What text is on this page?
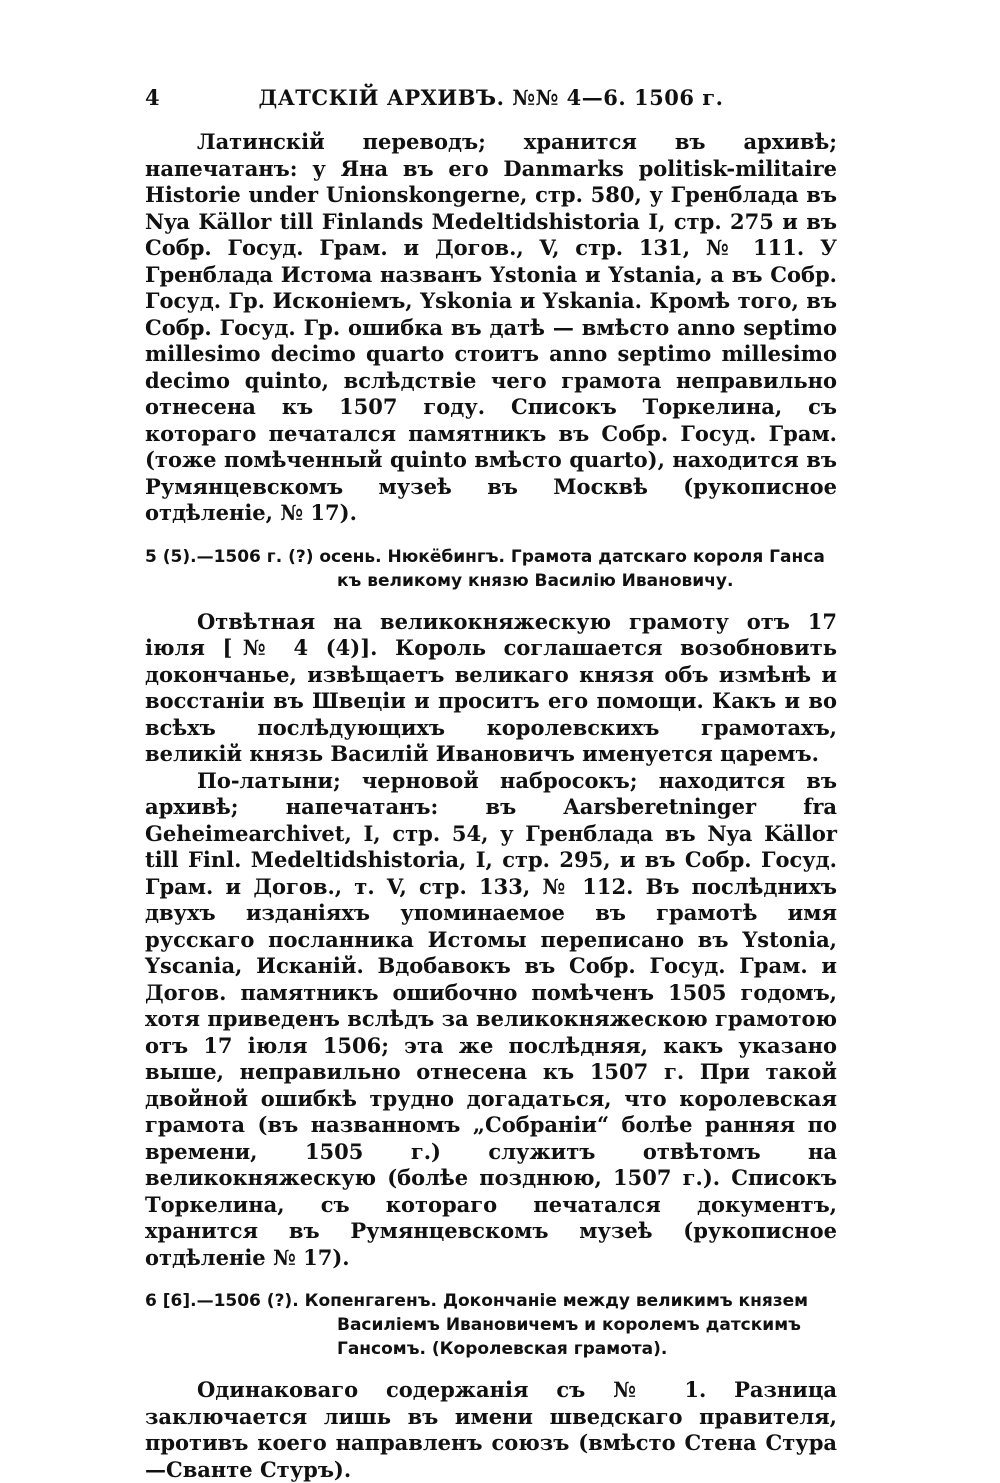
4	ДАТСКІЙ АРХИВЪ. №№ 4—6. 1506 г.

Латинскій переводъ; хранится въ архивѣ; напечатанъ: у Яна въ его Danmarks politisk-militaire Historie under Unionskongerne, стр. 580, у Гренблада въ Nya Källor till Finlands Medeltidshistoria I, стр. 275 и въ Собр. Госуд. Грам. и Догов., V, стр. 131, № 111. У Гренблада Истома названъ Ystonia и Ystania, а въ Собр. Госуд. Гр. Исконіемъ, Yskonia и Yskania. Кромѣ того, въ Собр. Госуд. Гр. ошибка въ датѣ — вмѣсто anno septimo millesimo decimo quarto стоитъ anno septimo millesimo decimo quinto, вслѣдствіе чего грамота неправильно отнесена къ 1507 году. Списокъ Торкелина, съ котораго печатался памятникъ въ Собр. Госуд. Грам. (тоже помѣченный quinto вмѣсто quarto), находится въ Румянцевскомъ музеѣ въ Москвѣ (рукописное отдѣленіе, № 17).

5 (5).—1506 г. (?) осень. Нюкёбингъ. Грамота датскаго короля Ганса къ великому князю Василію Ивановичу.

Отвѣтная на великокняжескую грамоту отъ 17 іюля [№ 4 (4)]. Король соглашается возобновить докончанье, извѣщаетъ великаго князя объ измѣнѣ и восстаніи въ Швеціи и проситъ его помощи. Какъ и во всѣхъ послѣдующихъ королевскихъ грамотахъ, великій князь Василій Ивановичъ именуется царемъ.

По-латыни; черновой набросокъ; находится въ архивѣ; напечатанъ: въ Aarsberetninger fra Geheimearchivet, I, стр. 54, у Гренблада въ Nya Källor till Finl. Medeltidshistoria, I, стр. 295, и въ Собр. Госуд. Грам. и Догов., т. V, стр. 133, № 112. Въ послѣднихъ двухъ изданіяхъ упоминаемое въ грамотѣ имя русскаго посланника Истомы переписано въ Ystonia, Yscania, Исканій. Вдобавокъ въ Собр. Госуд. Грам. и Догов. памятникъ ошибочно помѣченъ 1505 годомъ, хотя приведенъ вслѣдъ за великокняжескою грамотою отъ 17 іюля 1506; эта же послѣдняя, какъ указано выше, неправильно отнесена къ 1507 г. При такой двойной ошибкѣ трудно догадаться, что королевская грамота (въ названномъ „Собраніи“ болѣе ранняя по времени, 1505 г.) служитъ отвѣтомъ на великокняжескую (болѣе позднюю, 1507 г.). Списокъ Торкелина, съ котораго печатался документъ, хранится въ Румянцевскомъ музеѣ (рукописное отдѣленіе № 17).

6 [6].—1506 (?). Копенгагенъ. Докончаніе между великимъ князем Василіемъ Ивановичемъ и королемъ датскимъ Гансомъ. (Королевская грамота).

Одинаковаго содержанія съ № 1. Разница заключается лишь въ имени шведскаго правителя, противъ коего направленъ союзъ (вмѣсто Стена Стура—Сванте Стуръ).
